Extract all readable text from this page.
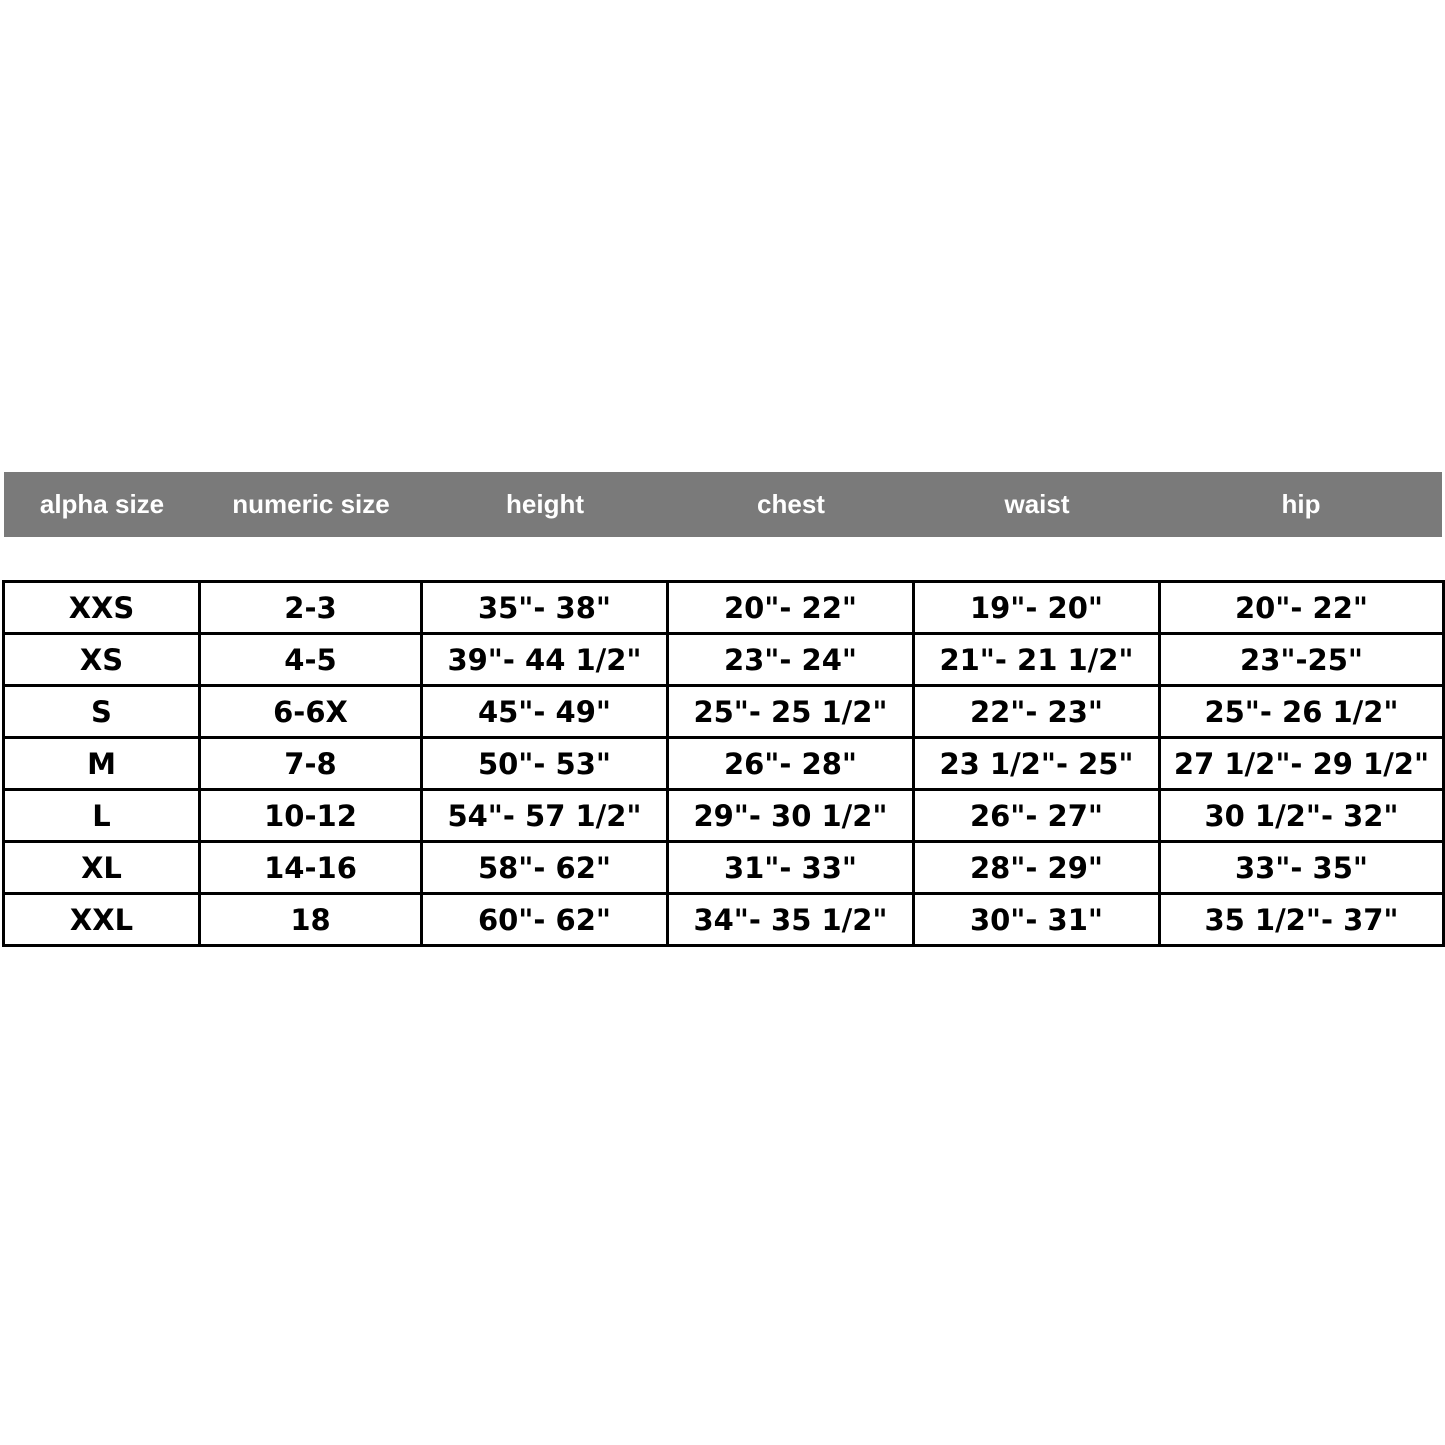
alpha size	numeric size	height	chest	waist	hip
XXS	2-3	35"- 38"	20"- 22"	19"- 20"	20"- 22"
XS	4-5	39"- 44 1/2"	23"- 24"	21"- 21 1/2"	23"-25"
S	6-6X	45"- 49"	25"- 25 1/2"	22"- 23"	25"- 26 1/2"
M	7-8	50"- 53"	26"- 28"	23 1/2"- 25"	27 1/2"- 29 1/2"
L	10-12	54"- 57 1/2"	29"- 30 1/2"	26"- 27"	30 1/2"- 32"
XL	14-16	58"- 62"	31"- 33"	28"- 29"	33"- 35"
XXL	18	60"- 62"	34"- 35 1/2"	30"- 31"	35 1/2"- 37"
